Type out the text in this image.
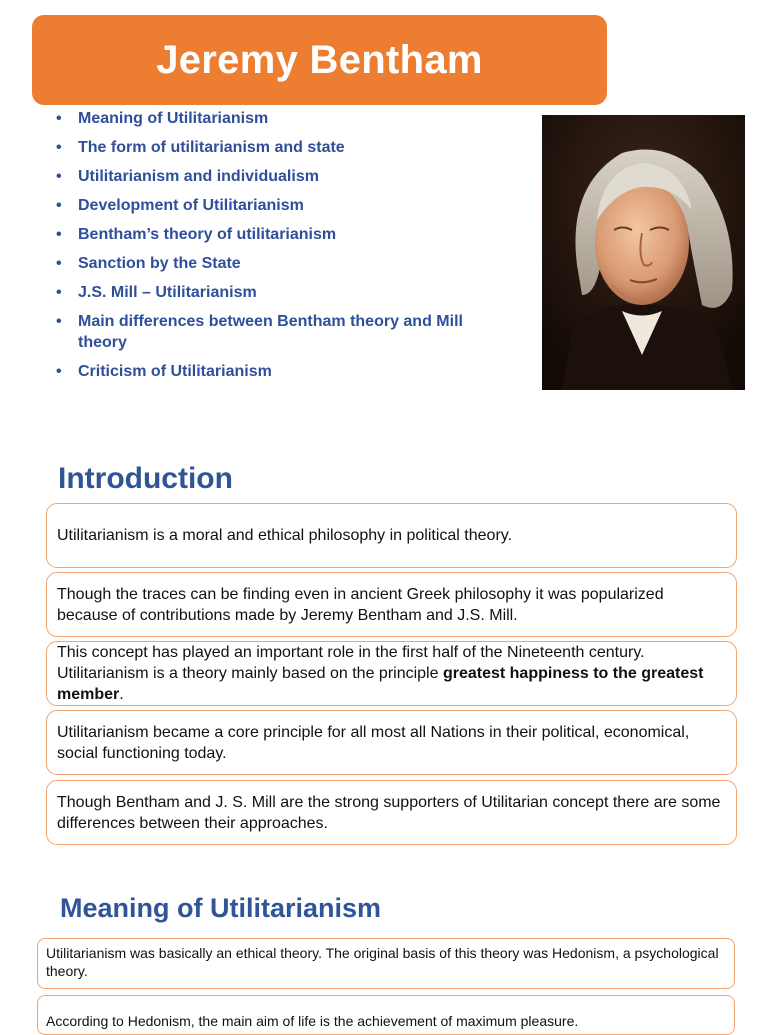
Jeremy Bentham
• Meaning of Utilitarianism
• The form of utilitarianism and state
• Utilitarianism and individualism
• Development of Utilitarianism
• Bentham’s theory of utilitarianism
• Sanction by the State
• J.S. Mill – Utilitarianism
• Main differences between Bentham theory and Mill theory
• Criticism of Utilitarianism
Introduction
Utilitarianism is a moral and ethical philosophy in political theory.
Though the traces can be finding even in ancient Greek philosophy it was popularized because of contributions made by Jeremy Bentham and J.S. Mill.
This concept has played an important role in the first half of the Nineteenth century. Utilitarianism is a theory mainly based on the principle greatest happiness to the greatest member.
Utilitarianism became a core principle for all most all Nations in their political, economical, social functioning today.
Though Bentham and J. S. Mill are the strong supporters of Utilitarian concept there are some differences between their approaches.
Meaning of Utilitarianism
Utilitarianism was basically an ethical theory. The original basis of this theory was Hedonism, a psychological theory.
According to Hedonism, the main aim of life is the achievement of maximum pleasure.
